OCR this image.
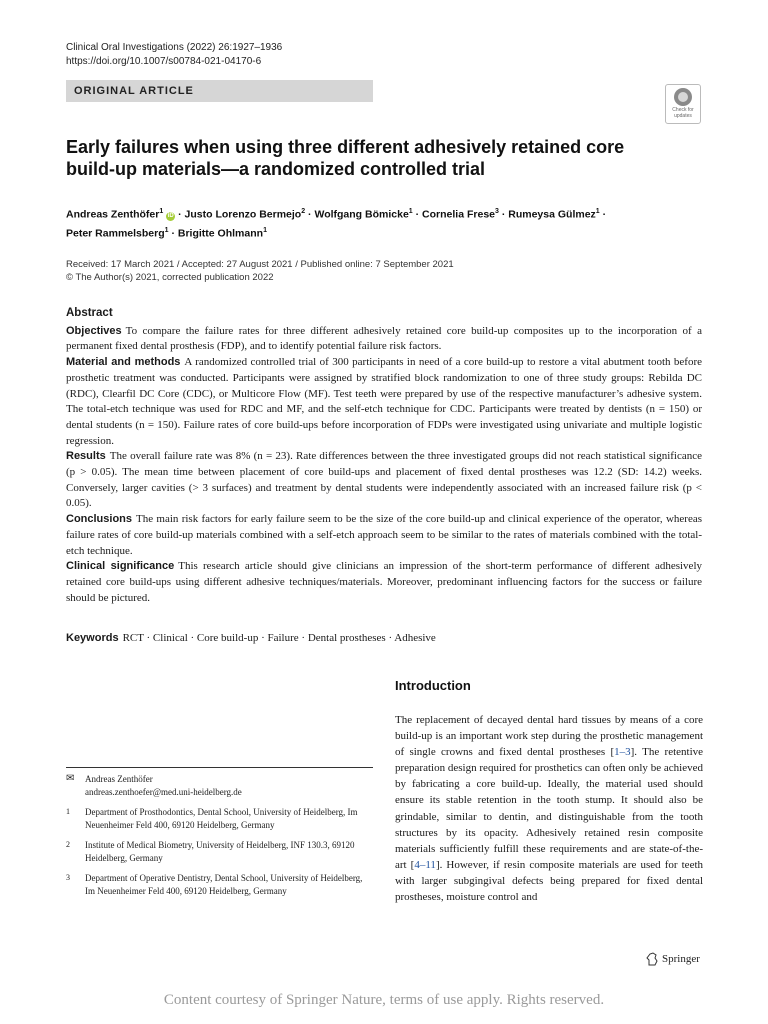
Clinical Oral Investigations (2022) 26:1927–1936
https://doi.org/10.1007/s00784-021-04170-6
ORIGINAL ARTICLE
Check for updates
Early failures when using three different adhesively retained core
build-up materials—a randomized controlled trial
Andreas Zenthöfer$^1$ iD · Justo Lorenzo Bermejo$^2$ · Wolfgang Bömicke$^1$ · Cornelia Frese$^3$ · Rumeysa Gülmez$^1$ ·
Peter Rammelsberg$^1$ · Brigitte Ohlmann$^1$
Received: 17 March 2021 / Accepted: 27 August 2021 / Published online: 7 September 2021
© The Author(s) 2021, corrected publication 2022
Abstract

Objectives To compare the failure rates for three different adhesively retained core build-up composites up to the incorporation of a permanent fixed dental prosthesis (FDP), and to identify potential failure risk factors.

Material and methods A randomized controlled trial of 300 participants in need of a core build-up to restore a vital abutment tooth before prosthetic treatment was conducted. Participants were assigned by stratified block randomization to one of three study groups: Rebilda DC (RDC), Clearfil DC Core (CDC), or Multicore Flow (MF). Test teeth were prepared by use of the respective manufacturer’s adhesive system. The total-etch technique was used for RDC and MF, and the self-etch technique for CDC. Participants were treated by dentists (n = 150) or dental students (n = 150). Failure rates of core build-ups before incorporation of FDPs were investigated using univariate and multiple logistic regression.

Results The overall failure rate was 8% (n = 23). Rate differences between the three investigated groups did not reach statistical significance (p > 0.05). The mean time between placement of core build-ups and placement of fixed dental prostheses was 12.2 (SD: 14.2) weeks. Conversely, larger cavities (> 3 surfaces) and treatment by dental students were independently associated with an increased failure risk (p < 0.05).

Conclusions The main risk factors for early failure seem to be the size of the core build-up and clinical experience of the operator, whereas failure rates of core build-up materials combined with a self-etch approach seem to be similar to the rates of materials combined with the total-etch technique.

Clinical significance This research article should give clinicians an impression of the short-term performance of different adhesively retained core build-ups using different adhesive techniques/materials. Moreover, predominant influencing factors for the success or failure should be pictured.

Keywords RCT · Clinical · Core build-up · Failure · Dental prostheses · Adhesive
Introduction
The replacement of decayed dental hard tissues by means of a core build-up is an important work step during the prosthetic management of single crowns and fixed dental prostheses [1–3]. The retentive preparation design required for prosthetics can often only be achieved by fabricating a core build-up. Ideally, the material used should ensure its stable retention in the tooth stump. It should also be grindable, similar to dentin, and distinguishable from the tooth structures by its opacity. Adhesively retained resin composite materials sufficiently fulfill these requirements and are state-of-the-art [4–11]. However, if resin composite materials are used for teeth with larger subgingival defects being prepared for fixed dental prostheses, moisture control and
✉	Andreas Zenthöfer
andreas.zenthoefer@med.uni-heidelberg.de
1	Department of Prosthodontics, Dental School, University of Heidelberg, Im Neuenheimer Feld 400, 69120 Heidelberg, Germany
2	Institute of Medical Biometry, University of Heidelberg, INF 130.3, 69120 Heidelberg, Germany
3	Department of Operative Dentistry, Dental School, University of Heidelberg, Im Neuenheimer Feld 400, 69120 Heidelberg, Germany
Springer
Content courtesy of Springer Nature, terms of use apply. Rights reserved.
